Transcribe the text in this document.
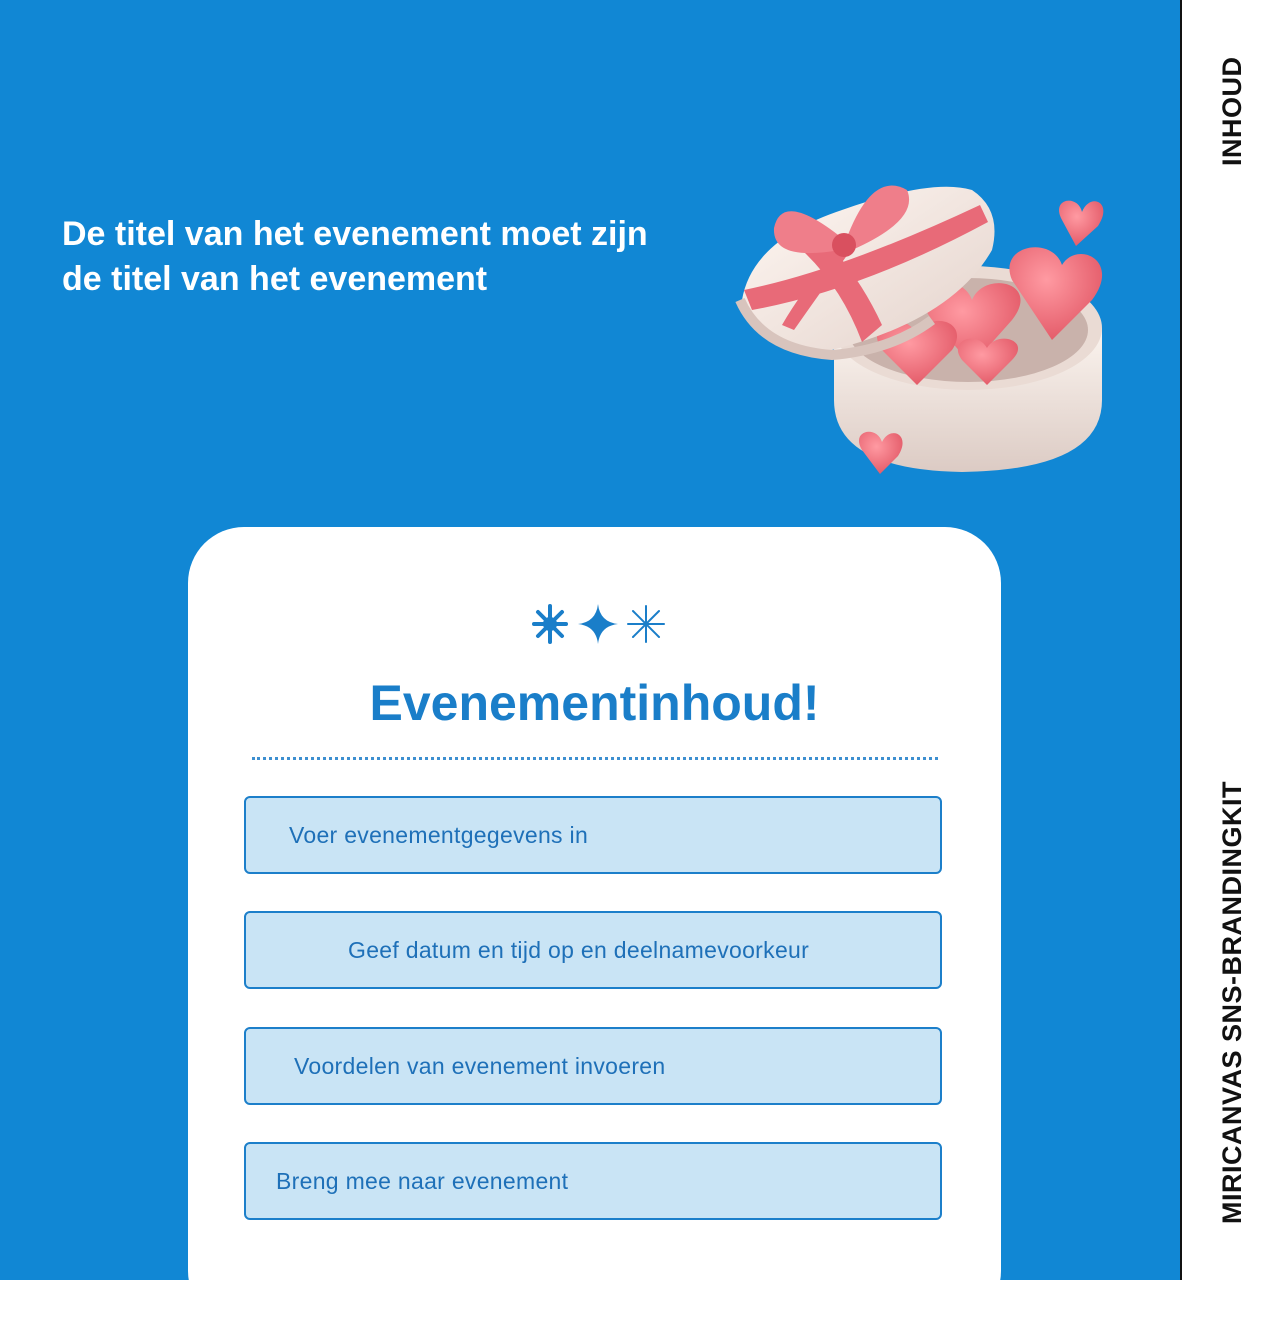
INHOUD
MIRICANVAS SNS-BRANDINGKIT
De titel van het evenement moet zijn
de titel van het evenement
Evenementinhoud!
Voer evenementgegevens in
Geef datum en tijd op en deelnamevoorkeur
Voordelen van evenement invoeren
Breng mee naar evenement
